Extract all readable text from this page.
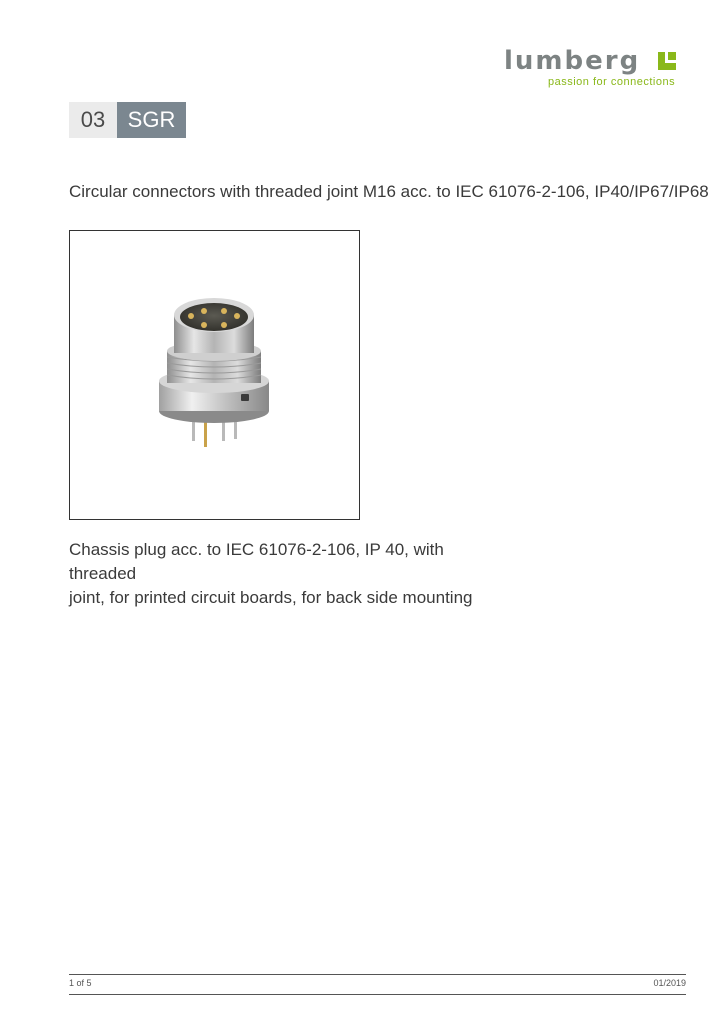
lumberg
passion for connections
03	SGR
Circular connectors with threaded joint M16 acc. to IEC 61076-2-106, IP40/IP67/IP68
Chassis plug acc. to IEC 61076-2-106, IP 40, with threaded
joint, for printed circuit boards, for back side mounting
1 of 5	01/2019
